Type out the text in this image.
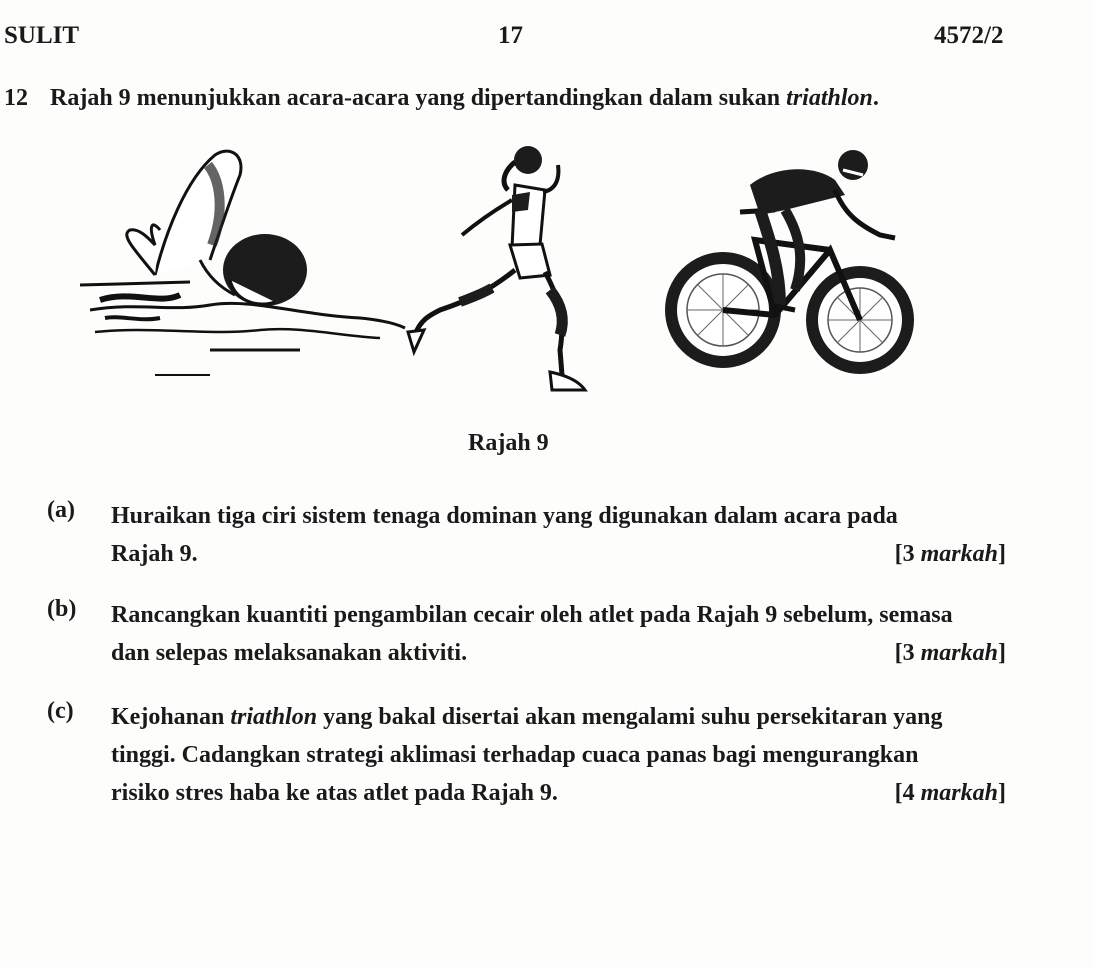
SULIT	17	4572/2
12 Rajah 9 menunjukkan acara-acara yang dipertandingkan dalam sukan triathlon.
Rajah 9
(a) Huraikan tiga ciri sistem tenaga dominan yang digunakan dalam acara pada
Rajah 9.	[3 markah]
(b) Rancangkan kuantiti pengambilan cecair oleh atlet pada Rajah 9 sebelum, semasa
dan selepas melaksanakan aktiviti.	[3 markah]
(c) Kejohanan triathlon yang bakal disertai akan mengalami suhu persekitaran yang
tinggi. Cadangkan strategi aklimasi terhadap cuaca panas bagi mengurangkan
risiko stres haba ke atas atlet pada Rajah 9.	[4 markah]
